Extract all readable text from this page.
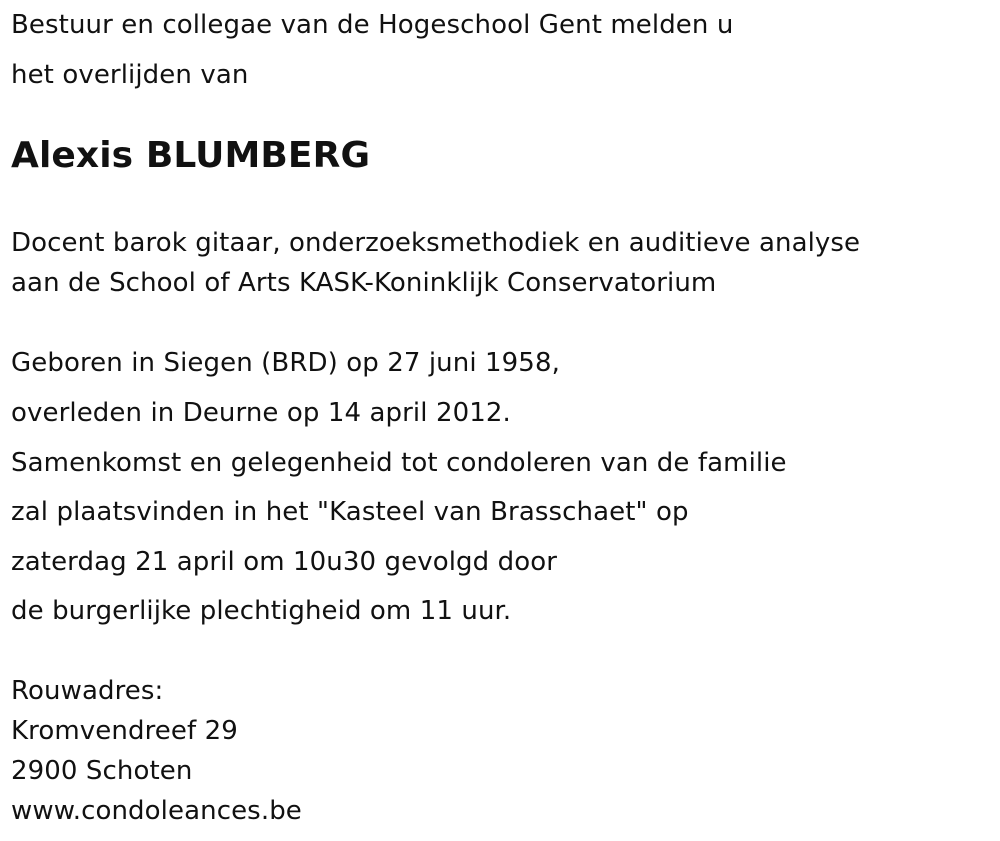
Bestuur en collegae van de Hogeschool Gent melden u
het overlijden van
Alexis BLUMBERG
Docent barok gitaar, onderzoeksmethodiek en auditieve analyse
aan de School of Arts KASK-Koninklijk Conservatorium
Geboren in Siegen (BRD) op 27 juni 1958,
overleden in Deurne op 14 april 2012.
Samenkomst en gelegenheid tot condoleren van de familie
zal plaatsvinden in het "Kasteel van Brasschaet" op
zaterdag 21 april om 10u30 gevolgd door
de burgerlijke plechtigheid om 11 uur.
Rouwadres:
Kromvendreef 29
2900 Schoten
www.condoleances.be
